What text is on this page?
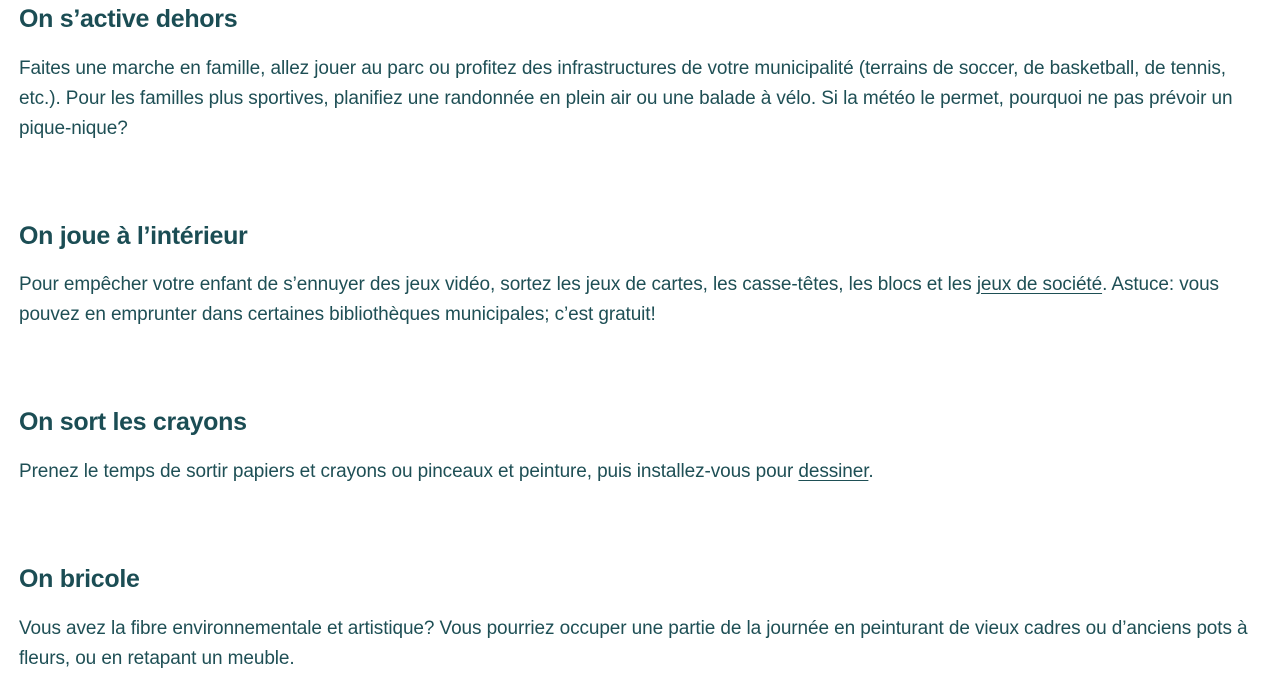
On s’active dehors

Faites une marche en famille, allez jouer au parc ou profitez des infrastructures de votre municipalité (terrains de soccer, de basketball, de tennis, etc.). Pour les familles plus sportives, planifiez une randonnée en plein air ou une balade à vélo. Si la météo le permet, pourquoi ne pas prévoir un pique-nique?

On joue à l’intérieur

Pour empêcher votre enfant de s’ennuyer des jeux vidéo, sortez les jeux de cartes, les casse-têtes, les blocs et les jeux de société. Astuce: vous pouvez en emprunter dans certaines bibliothèques municipales; c’est gratuit!

On sort les crayons

Prenez le temps de sortir papiers et crayons ou pinceaux et peinture, puis installez-vous pour dessiner.

On bricole

Vous avez la fibre environnementale et artistique? Vous pourriez occuper une partie de la journée en peinturant de vieux cadres ou d’anciens pots à fleurs, ou en retapant un meuble.
